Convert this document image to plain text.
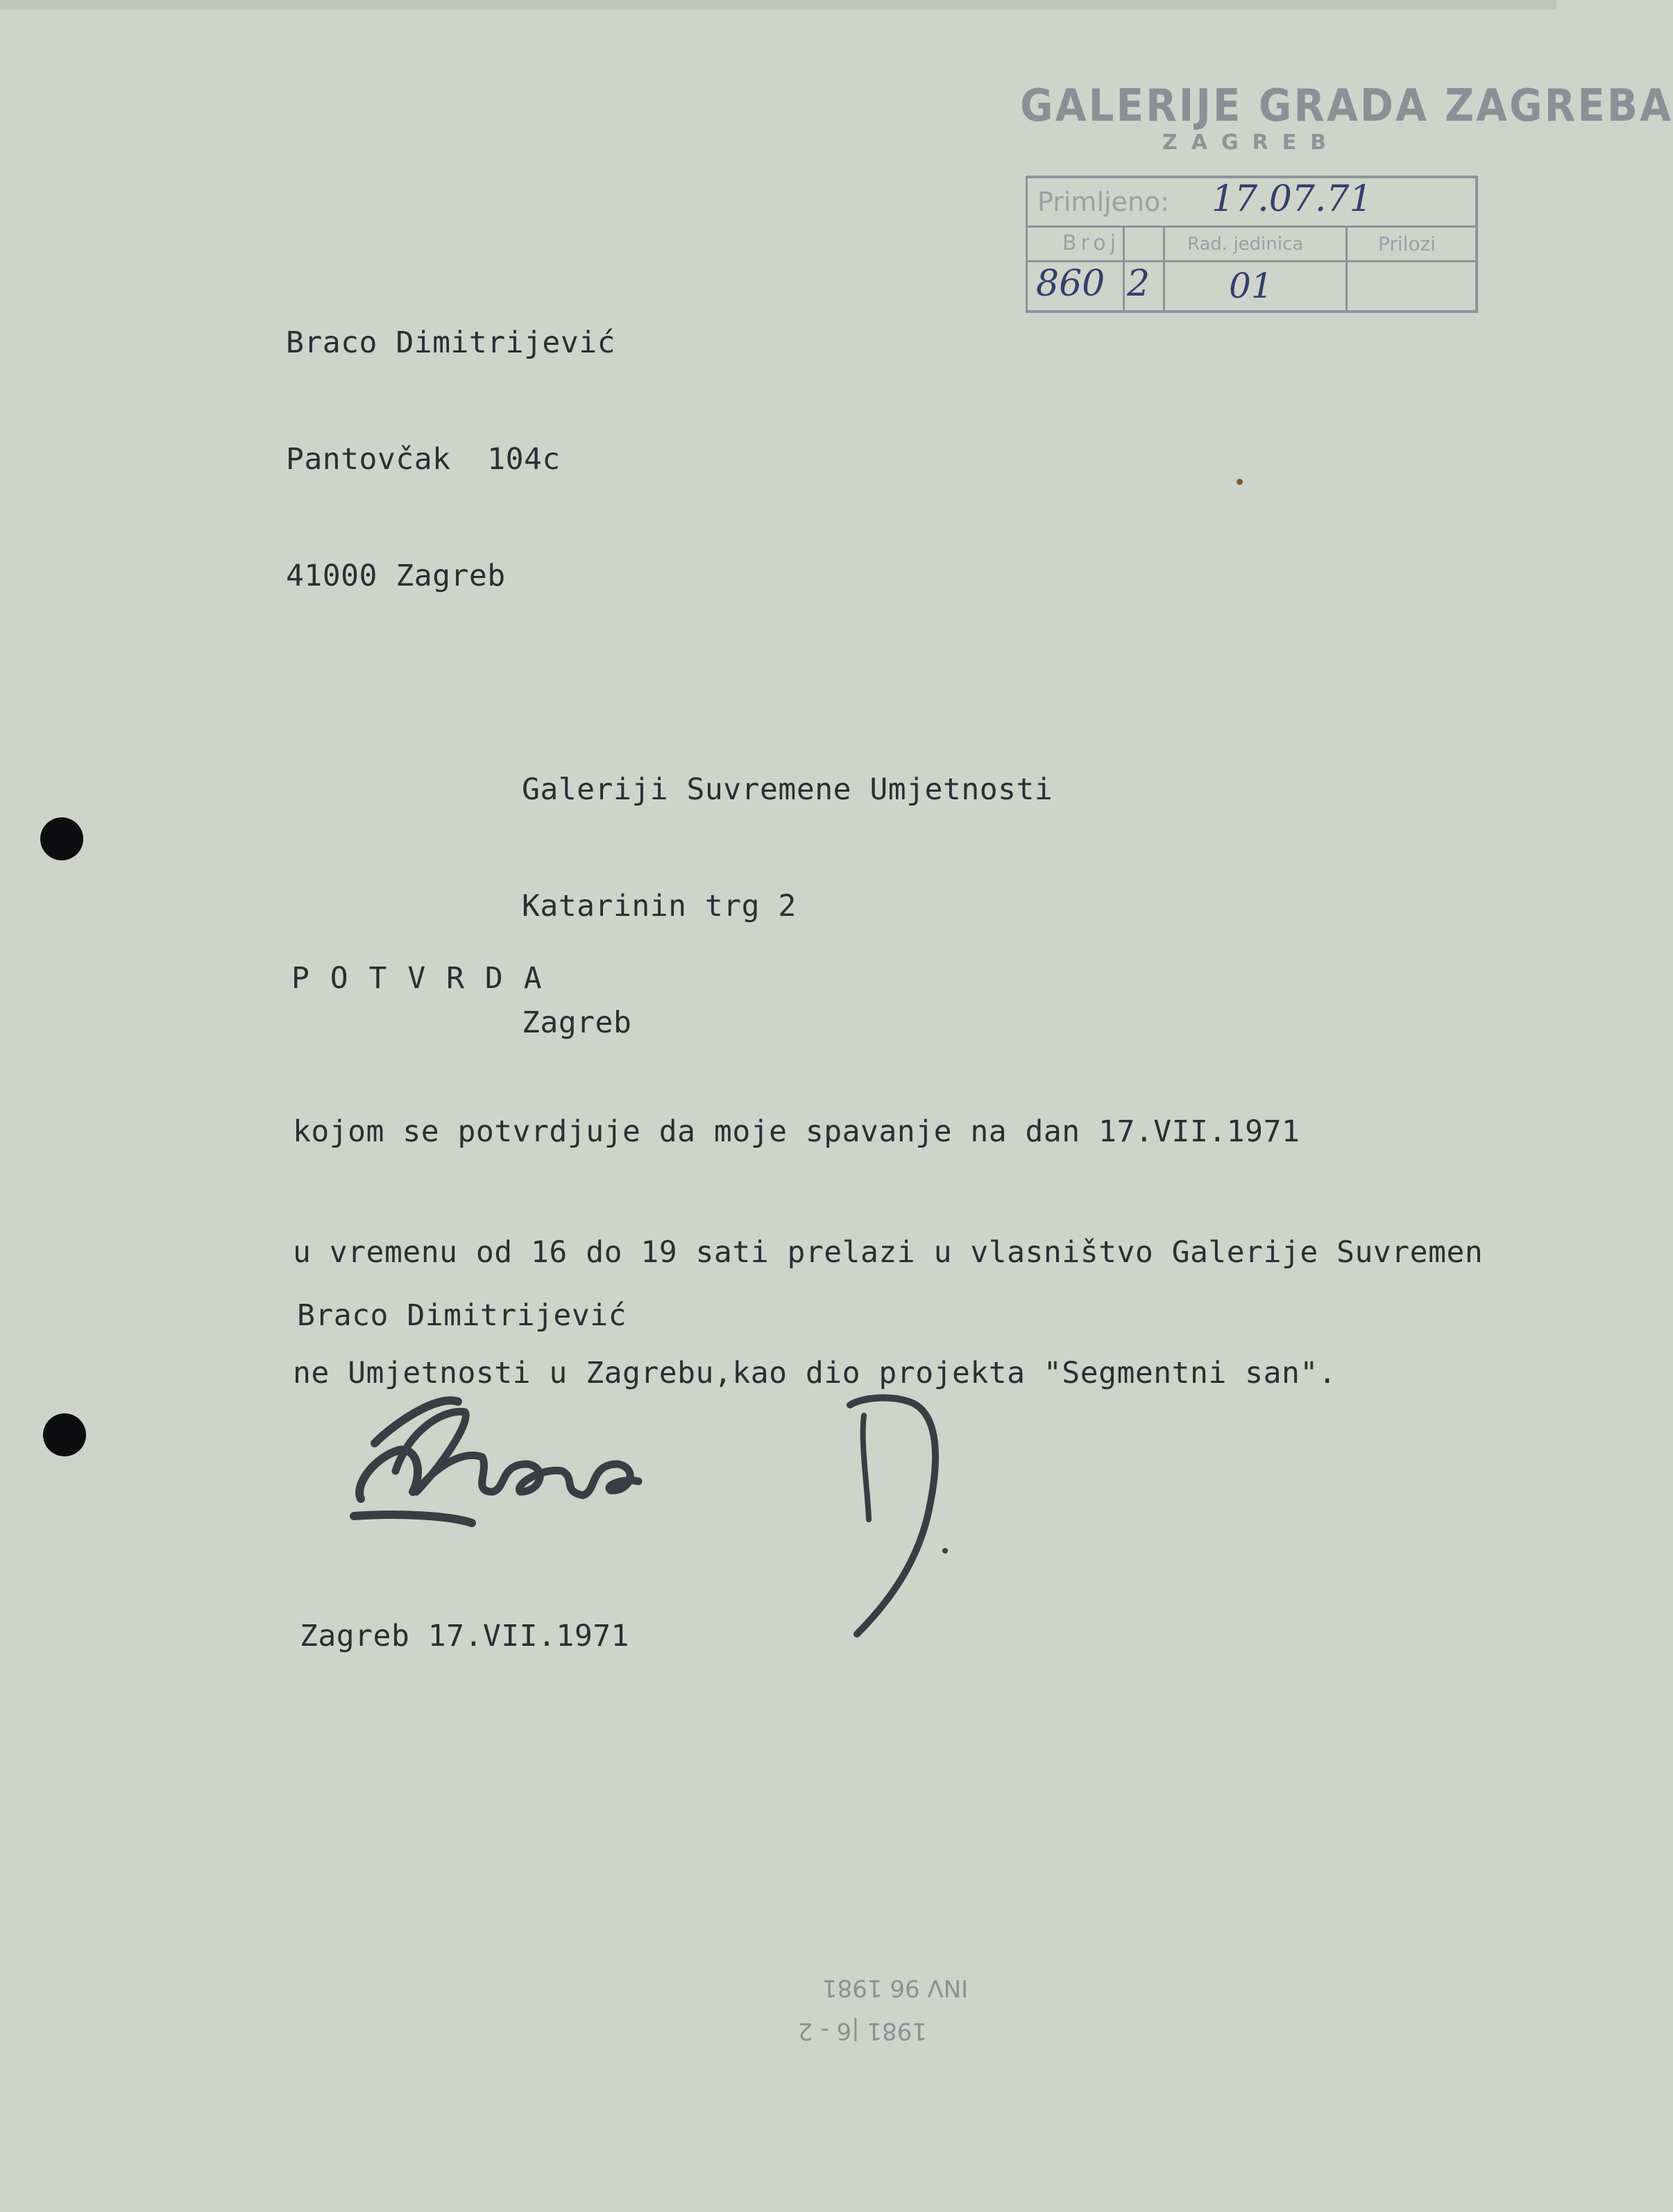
GALERIJE GRADA ZAGREBA
ZAGREB
Primljeno: 17.07.71
Broj	Rad. jedinica	Prilozi
860 2 01

Braco Dimitrijević

Pantovčak  104c

41000 Zagreb

Galeriji Suvremene Umjetnosti

Katarinin trg 2

Zagreb

P O T V R D A

kojom se potvrdjuje da moje spavanje na dan 17.VII.1971

u vremenu od 16 do 19 sati prelazi u vlasništvo Galerije Suvremen

ne Umjetnosti u Zagrebu,kao dio projekta "Segmentni san".

Braco Dimitrijević
Zagreb 17.VII.1971
INV 96 1981
1981 |6 - 2
